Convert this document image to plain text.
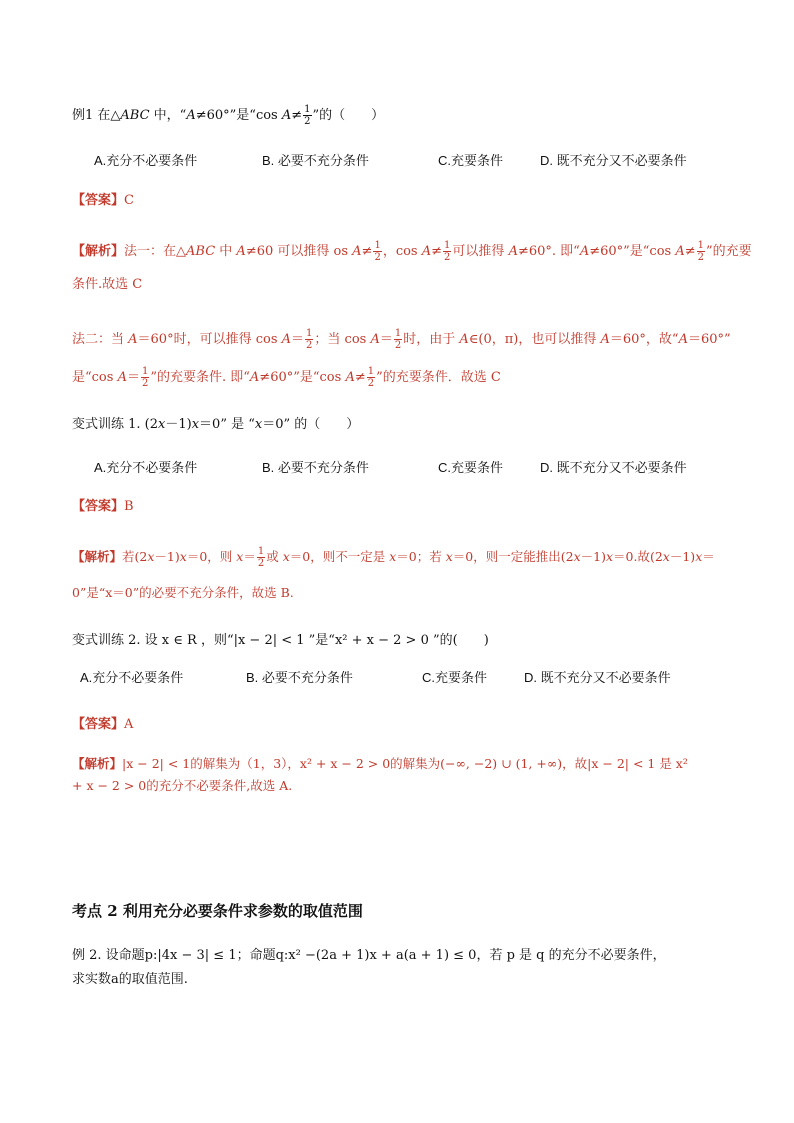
例1 在△ABC 中，“A≠60°”是“cos $A\ne \frac{1}{2}$ ”的（　　）
A.充分不必要条件	B. 必要不充分条件	C.充要条件	D. 既不充分又不必要条件
【答案】C
【解析】法一：在△ABC 中 A≠60 可以推得 os $A\ne \frac{1}{2}$ ，$\cos A\ne \frac{1}{2}$ 可以推得 A≠60°. 即“A≠60°”是“cos $A\ne \frac{1}{2}$ ”的充要
条件.故选 C
法二：当 A＝60°时，可以推得 $\cos A= \frac{1}{2}$ ；当 $\cos A= \frac{1}{2}$ 时，由于 A∈(0，π)，也可以推得 A＝60°，故“A＝60°”
是“cos $A= \frac{1}{2}$ ”的充要条件. 即“A≠60°”是“cos $A\ne \frac{1}{2}$ ”的充要条件．故选 C
变式训练 1. (2x－1)x＝0” 是 “x＝0” 的（　　）
A.充分不必要条件	B. 必要不充分条件	C.充要条件	D. 既不充分又不必要条件
【答案】B
【解析】若(2x－1)x＝0，则 $x= \frac{1}{2}$ 或 x＝0，则不一定是 x＝0；若 x＝0，则一定能推出(2x－1)x＝0.故(2x－1)x＝
0”是“x＝0”的必要不充分条件，故选 B.
变式训练 2. 设 x ∈ R ，则“|x − 2| < 1 ”是“x² + x − 2 > 0 ”的(　　)
A.充分不必要条件	B. 必要不充分条件	C.充要条件	D. 既不充分又不必要条件
【答案】A
【解析】|x − 2| < 1的解集为（1，3），x² + x − 2 > 0的解集为(−∞, −2) ∪ (1, +∞)，故|x − 2| < 1 是 x²
+ x − 2 > 0的充分不必要条件,故选 A.
考点 2 利用充分必要条件求参数的取值范围
例 2. 设命题p:|4x − 3| ≤ 1；命题q:x² −(2a + 1)x + a(a + 1) ≤ 0，若 p 是 q 的充分不必要条件，
求实数a的取值范围.
